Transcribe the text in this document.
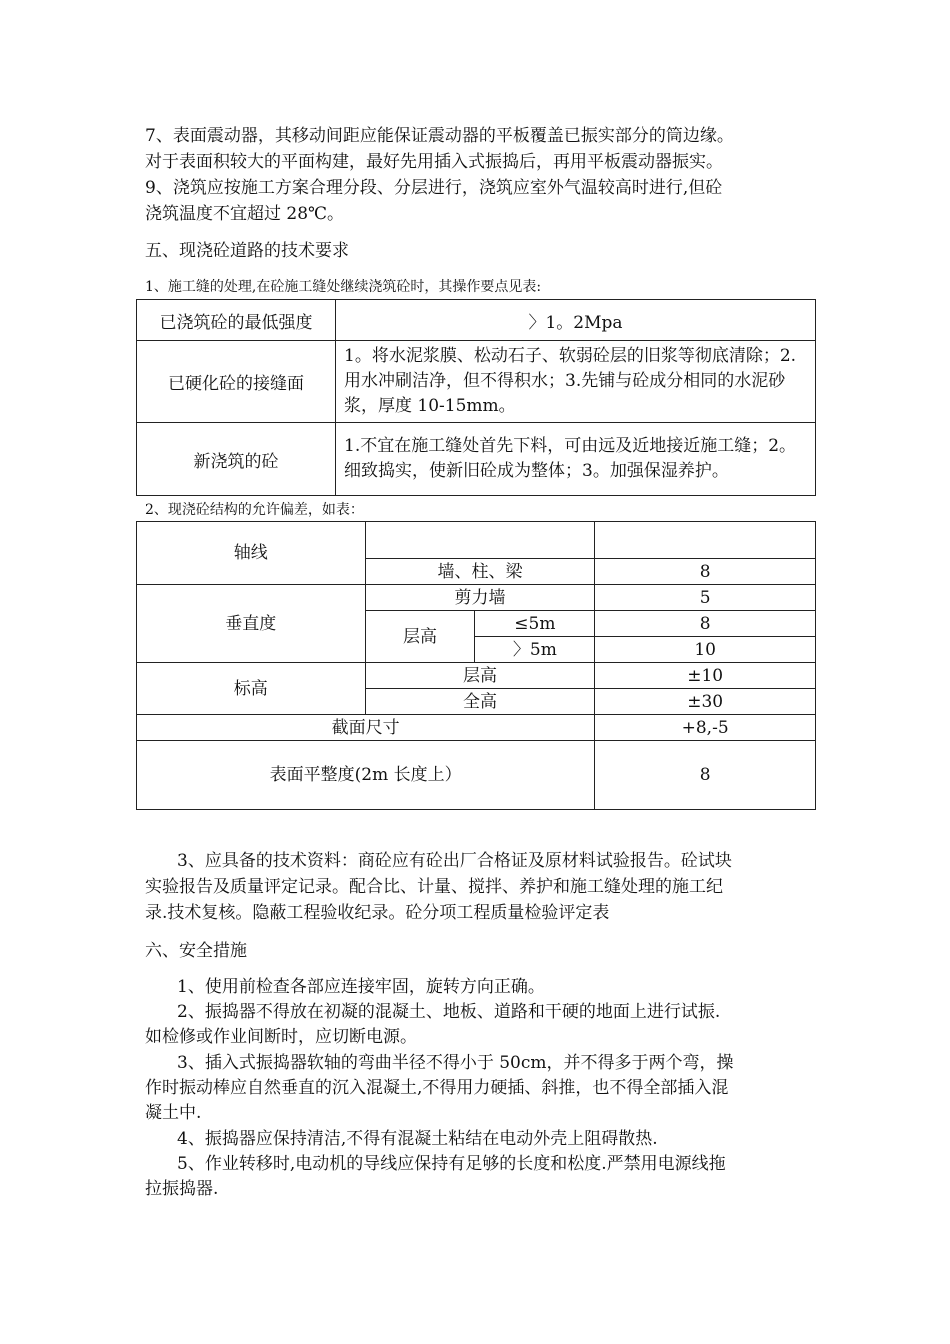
7、表面震动器，其移动间距应能保证震动器的平板覆盖已振实部分的筒边缘。
对于表面积较大的平面构建，最好先用插入式振捣后，再用平板震动器振实。
9、浇筑应按施工方案合理分段、分层进行，浇筑应室外气温较高时进行,但砼
浇筑温度不宜超过 28℃。
五、现浇砼道路的技术要求
1、施工缝的处理,在砼施工缝处继续浇筑砼时，其操作要点见表:
已浇筑砼的最低强度	〉1。2Mpa
已硬化砼的接缝面	1。将水泥浆膜、松动石子、软弱砼层的旧浆等彻底清除；2.用水冲刷洁净，但不得积水；3.先铺与砼成分相同的水泥砂浆，厚度 10-15mm。
新浇筑的砼	1.不宜在施工缝处首先下料，可由远及近地接近施工缝；2。细致捣实，使新旧砼成为整体；3。加强保湿养护。
2、现浇砼结构的允许偏差，如表：
轴线			
	墙、柱、梁		8
垂直度	剪力墙		5
	层高	≤5m	8
		〉5m	10
标高	层高		±10
	全高		±30
截面尺寸			+8,-5
表面平整度(2m 长度上）			8
3、应具备的技术资料：商砼应有砼出厂合格证及原材料试验报告。砼试块
实验报告及质量评定记录。配合比、计量、搅拌、养护和施工缝处理的施工纪
录.技术复核。隐蔽工程验收纪录。砼分项工程质量检验评定表
六、安全措施
1、使用前检查各部应连接牢固，旋转方向正确。
2、振捣器不得放在初凝的混凝土、地板、道路和干硬的地面上进行试振.
如检修或作业间断时，应切断电源。
3、插入式振捣器软轴的弯曲半径不得小于 50cm，并不得多于两个弯，操
作时振动棒应自然垂直的沉入混凝土,不得用力硬插、斜推，也不得全部插入混
凝土中.
4、振捣器应保持清洁,不得有混凝土粘结在电动外壳上阻碍散热.
5、作业转移时,电动机的导线应保持有足够的长度和松度.严禁用电源线拖
拉振捣器.
